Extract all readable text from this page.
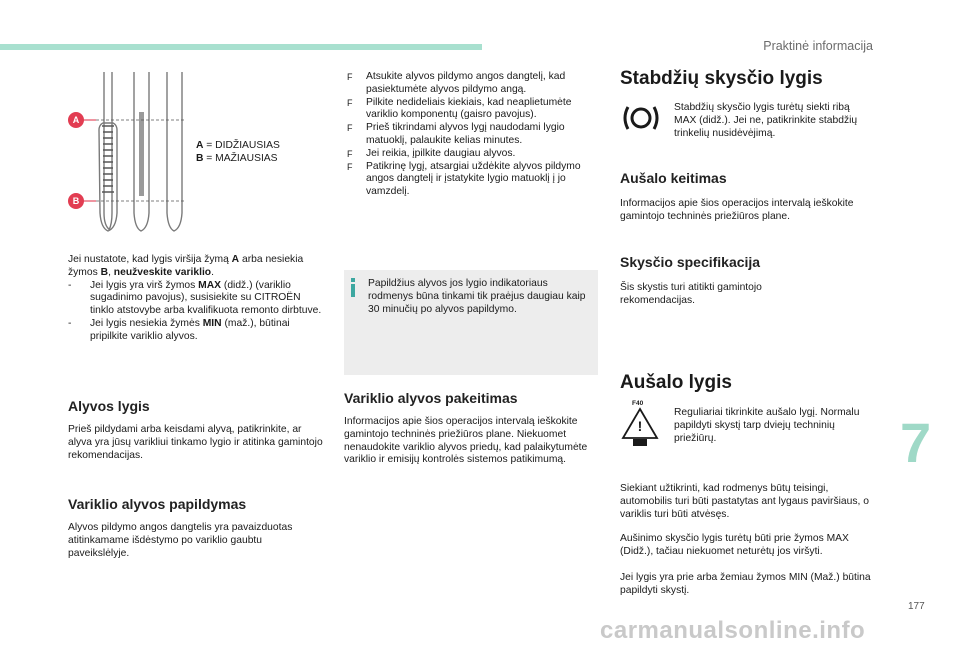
Praktinė informacija
A
B
A = DIDŽIAUSIAS
B = MAŽIAUSIAS

Jei nustatote, kad lygis viršija žymą A arba nesiekia žymos B, neužveskite variklio.

- Jei lygis yra virš žymos MAX (didž.) (variklio sugadinimo pavojus), susisiekite su CITROËN tinklo atstovybe arba kvalifikuota remonto dirbtuve.
- Jei lygis nesiekia žymės MIN (maž.), būtinai pripilkite variklio alyvos.
Alyvos lygis

Prieš pildydami arba keisdami alyvą, patikrinkite, ar alyva yra jūsų varikliui tinkamo lygio ir atitinka gamintojo rekomendacijas.

Variklio alyvos papildymas

Alyvos pildymo angos dangtelis yra pavaizduotas atitinkamame išdėstymo po variklio gaubtu paveikslėlyje.

F Atsukite alyvos pildymo angos dangtelį, kad pasiektumėte alyvos pildymo angą.
F Pilkite nedideliais kiekiais, kad neaplietumėte variklio komponentų (gaisro pavojus).
F Prieš tikrindami alyvos lygį naudodami lygio matuoklį, palaukite kelias minutes.
F Jei reikia, įpilkite daugiau alyvos.
F Patikrinę lygį, atsargiai uždėkite alyvos pildymo angos dangtelį ir įstatykite lygio matuoklį į jo vamzdelį.
Papildžius alyvos jos lygio indikatoriaus rodmenys būna tinkami tik praėjus daugiau kaip 30 minučių po alyvos papildymo.
Variklio alyvos pakeitimas

Informacijos apie šios operacijos intervalą ieškokite gamintojo techninės priežiūros plane. Niekuomet nenaudokite variklio alyvos priedų, kad palaikytumėte variklio ir emisijų kontrolės sistemos patikimumą.

Stabdžių skysčio lygis

Stabdžių skysčio lygis turėtų siekti ribą MAX (didž.). Jei ne, patikrinkite stabdžių trinkelių nusidėvėjimą.

Aušalo keitimas

Informacijos apie šios operacijos intervalą ieškokite gamintojo techninės priežiūros plane.

Skysčio specifikacija

Šis skystis turi atitikti gamintojo rekomendacijas.

Aušalo lygis
!
F40

Reguliariai tikrinkite aušalo lygį. Normalu papildyti skystį tarp dviejų techninių priežiūrų.

Siekiant užtikrinti, kad rodmenys būtų teisingi, automobilis turi būti pastatytas ant lygaus paviršiaus, o variklis turi būti atvėsęs.

Aušinimo skysčio lygis turėtų būti prie žymos MAX (Didž.), tačiau niekuomet neturėtų jos viršyti.

Jei lygis yra prie arba žemiau žymos MIN (Maž.) būtina papildyti skystį.

7
177
carmanualsonline.info
